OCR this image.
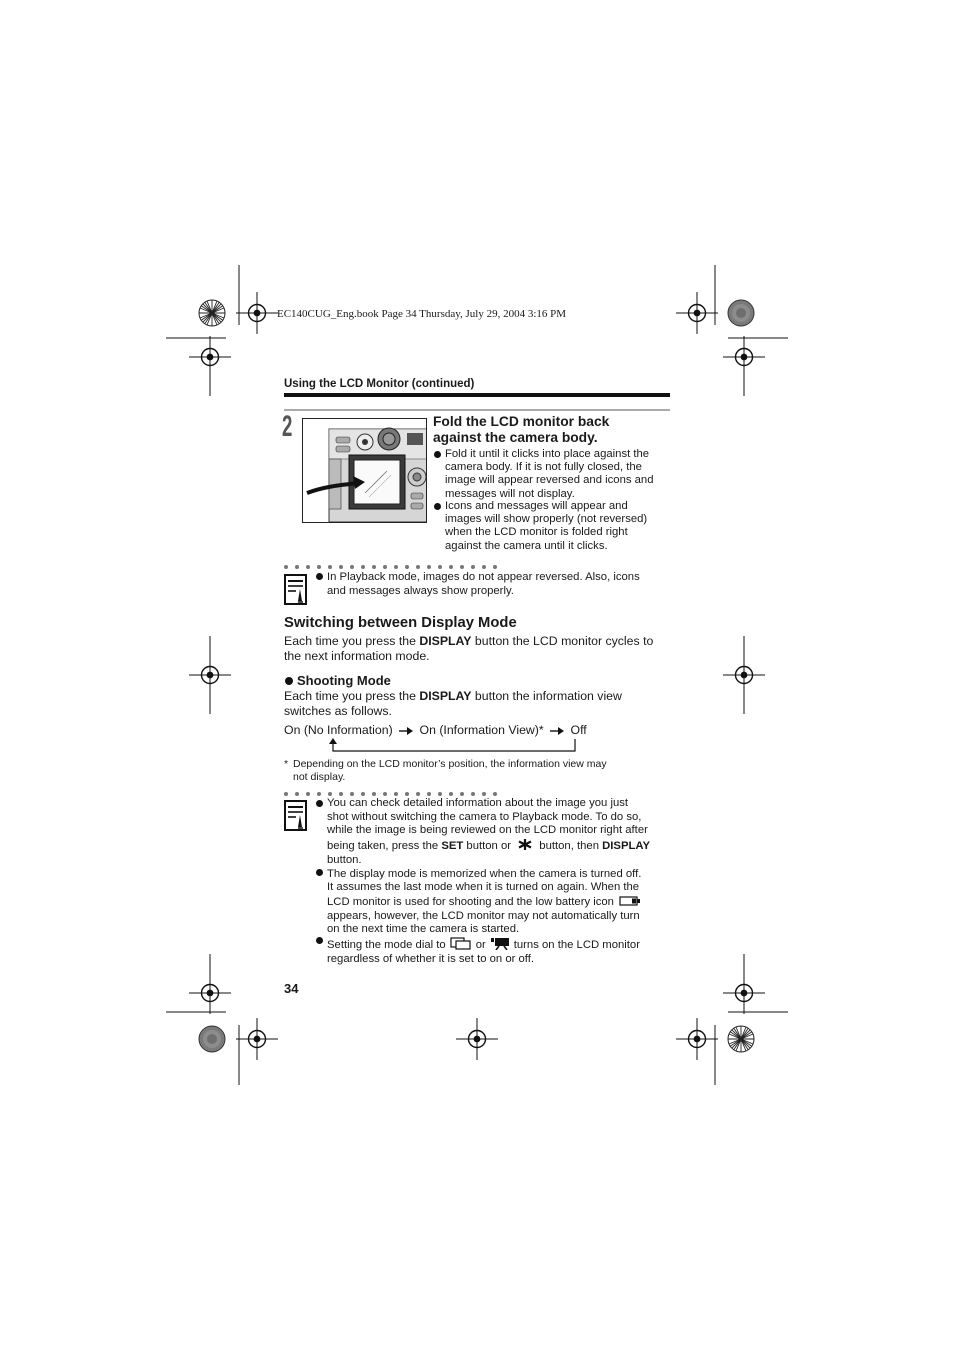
EC140CUG_Eng.book Page 34 Thursday, July 29, 2004 3:16 PM
Using the LCD Monitor (continued)
2	Fold the LCD monitor back

against the camera body.

Fold it until it clicks into place against the

camera body. If it is not fully closed, the

image will appear reversed and icons and

messages will not display.

Icons and messages will appear and

images will show properly (not reversed)

when the LCD monitor is folded right

against the camera until it clicks.

In Playback mode, images do not appear reversed. Also, icons

and messages always show properly.

Switching between Display Mode

Each time you press the DISPLAY button the LCD monitor cycles to

the next information mode.

Shooting Mode

Each time you press the DISPLAY button the information view

switches as follows.

On (No Information) On (Information View)* Off
* Depending on the LCD monitor’s position, the information view may

not display.

You can check detailed information about the image you just

shot without switching the camera to Playback mode. To do so,

while the image is being reviewed on the LCD monitor right after

being taken, press the SET button or  button, then DISPLAY

button.

The display mode is memorized when the camera is turned off.

It assumes the last mode when it is turned on again. When the

LCD monitor is used for shooting and the low battery icon

appears, however, the LCD monitor may not automatically turn

on the next time the camera is started.

Setting the mode dial to	or turns on the LCD monitor

regardless of whether it is set to on or off.

34
